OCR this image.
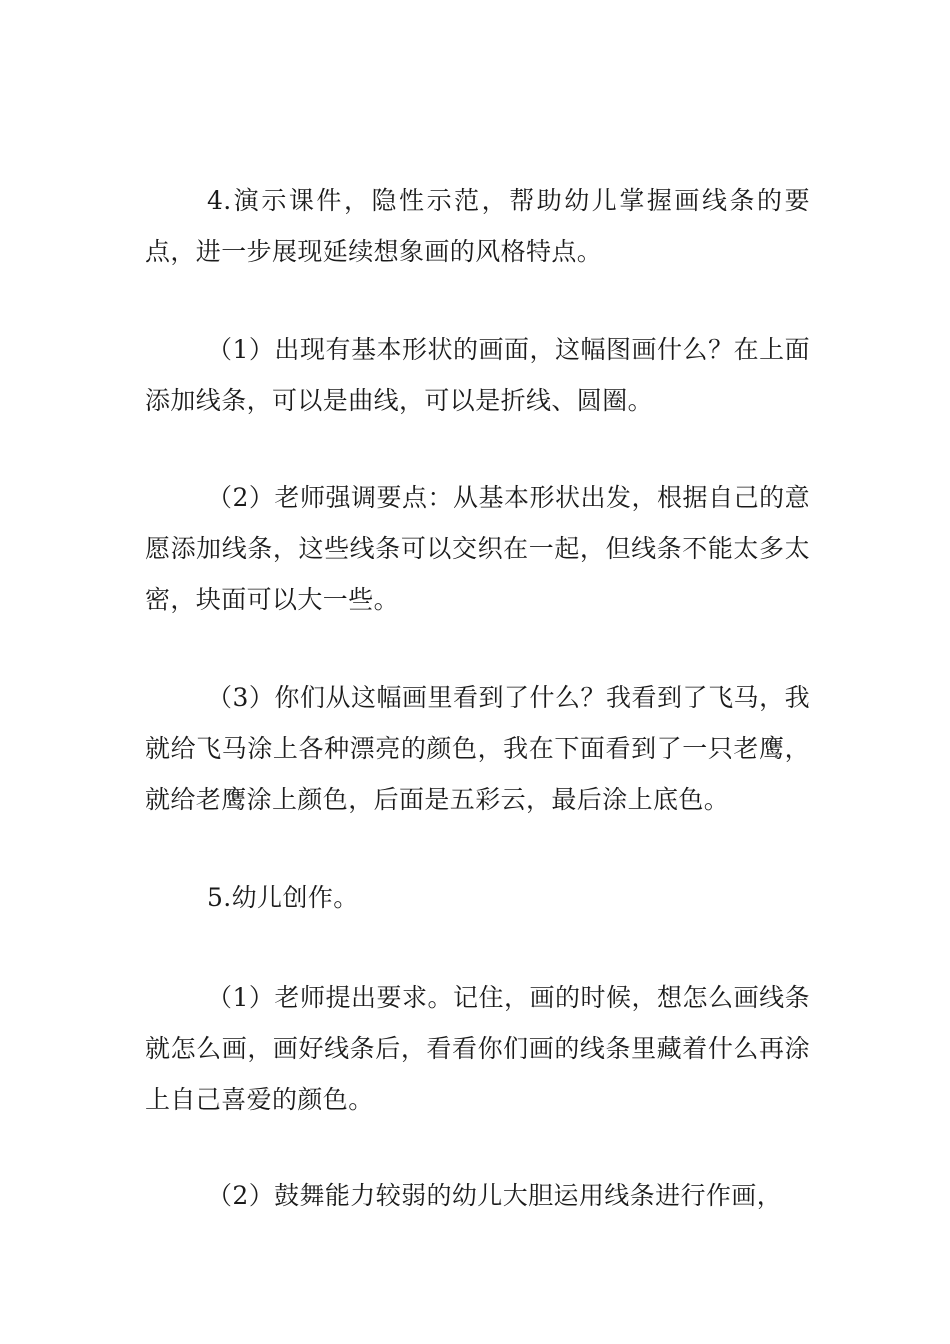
4.演示课件，隐性示范，帮助幼儿掌握画线条的要点，进一步展现延续想象画的风格特点。

（1）出现有基本形状的画面，这幅图画什么？在上面添加线条，可以是曲线，可以是折线、圆圈。

（2）老师强调要点：从基本形状出发，根据自己的意愿添加线条，这些线条可以交织在一起，但线条不能太多太密，块面可以大一些。

（3）你们从这幅画里看到了什么？我看到了飞马，我就给飞马涂上各种漂亮的颜色，我在下面看到了一只老鹰，就给老鹰涂上颜色，后面是五彩云，最后涂上底色。

5.幼儿创作。

（1）老师提出要求。记住，画的时候，想怎么画线条就怎么画，画好线条后，看看你们画的线条里藏着什么再涂上自己喜爱的颜色。

（2）鼓舞能力较弱的幼儿大胆运用线条进行作画，
